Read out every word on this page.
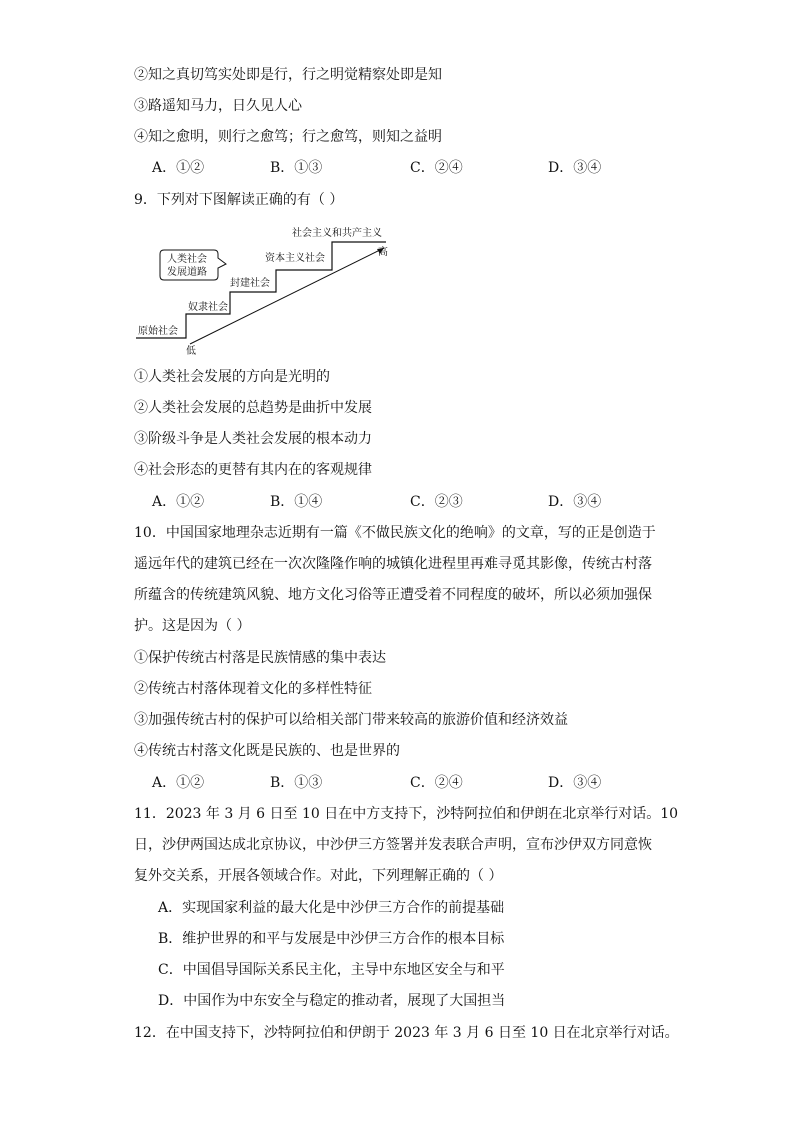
②知之真切笃实处即是行，行之明觉精察处即是知
③路遥知马力，日久见人心
④知之愈明，则行之愈笃；行之愈笃，则知之益明
A．①②	B．①③	C．②④	D．③④
9．下列对下图解读正确的有（ ）
人类社会
发展道路
原始社会
奴隶社会
封建社会
资本主义社会
社会主义和共产主义
低
高
①人类社会发展的方向是光明的
②人类社会发展的总趋势是曲折中发展
③阶级斗争是人类社会发展的根本动力
④社会形态的更替有其内在的客观规律
A．①②	B．①④	C．②③	D．③④
10．中国国家地理杂志近期有一篇《不做民族文化的绝响》的文章，写的正是创造于
遥远年代的建筑已经在一次次隆隆作响的城镇化进程里再难寻觅其影像，传统古村落
所蕴含的传统建筑风貌、地方文化习俗等正遭受着不同程度的破坏，所以必须加强保
护。这是因为（ ）
①保护传统古村落是民族情感的集中表达
②传统古村落体现着文化的多样性特征
③加强传统古村的保护可以给相关部门带来较高的旅游价值和经济效益
④传统古村落文化既是民族的、也是世界的
A．①②	B．①③	C．②④	D．③④
11．2023 年 3 月 6 日至 10 日在中方支持下，沙特阿拉伯和伊朗在北京举行对话。10
日，沙伊两国达成北京协议，中沙伊三方签署并发表联合声明，宣布沙伊双方同意恢
复外交关系，开展各领域合作。对此，下列理解正确的（ ）
A．实现国家利益的最大化是中沙伊三方合作的前提基础
B．维护世界的和平与发展是中沙伊三方合作的根本目标
C．中国倡导国际关系民主化，主导中东地区安全与和平
D．中国作为中东安全与稳定的推动者，展现了大国担当
12．在中国支持下，沙特阿拉伯和伊朗于 2023 年 3 月 6 日至 10 日在北京举行对话。
